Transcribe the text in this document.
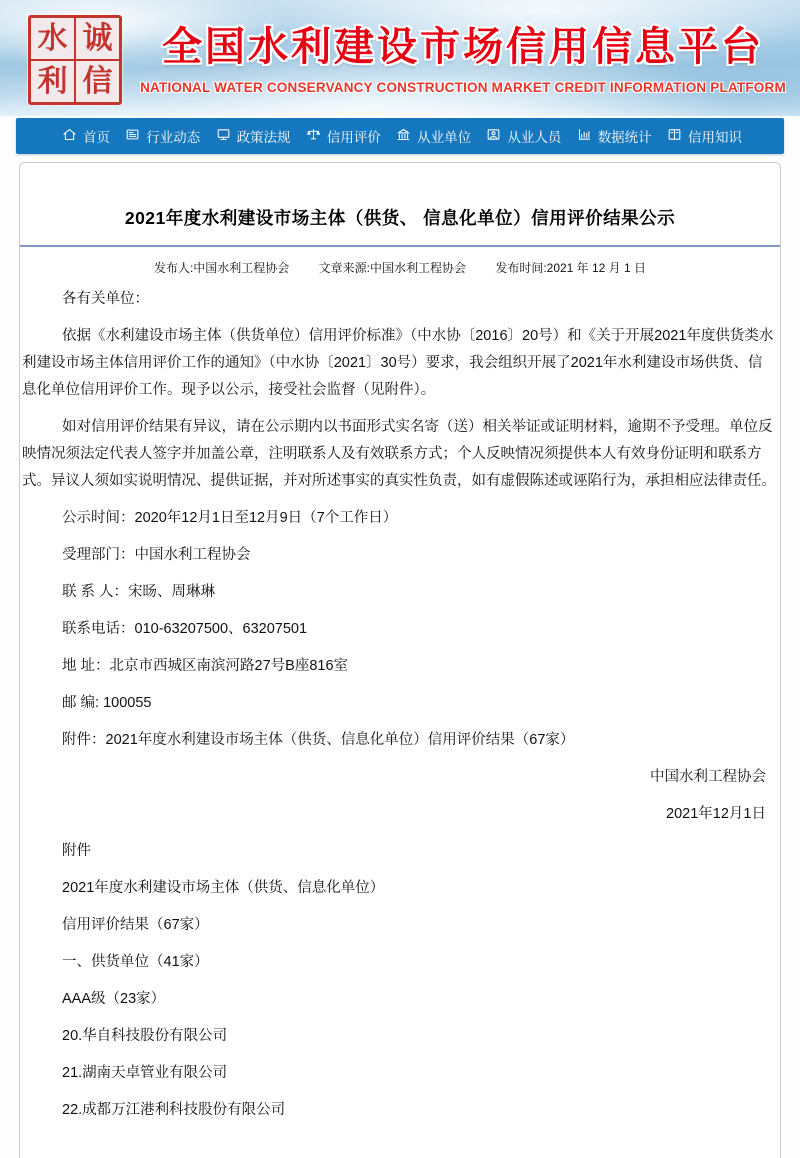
水 诚
利 信
全国水利建设市场信用信息平台
NATIONAL WATER CONSERVANCY CONSTRUCTION MARKET CREDIT INFORMATION PLATFORM
首页	行业动态	政策法规	信用评价	从业单位	从业人员	数据统计	信用知识
2021年度水利建设市场主体（供货、 信息化单位）信用评价结果公示
发布人:中国水利工程协会 文章来源:中国水利工程协会 发布时间:2021 年 12 月 1 日

各有关单位：

依据《水利建设市场主体（供货单位）信用评价标准》（中水协〔2016〕20号）和《关于开展2021年度供货类水利建设市场主体信用评价工作的通知》（中水协〔2021〕30号）要求，我会组织开展了2021年水利建设市场供货、信息化单位信用评价工作。现予以公示，接受社会监督（见附件）。

如对信用评价结果有异议，请在公示期内以书面形式实名寄（送）相关举证或证明材料，逾期不予受理。单位反映情况须法定代表人签字并加盖公章，注明联系人及有效联系方式；个人反映情况须提供本人有效身份证明和联系方式。异议人须如实说明情况、提供证据，并对所述事实的真实性负责，如有虚假陈述或诬陷行为，承担相应法律责任。

公示时间：2020年12月1日至12月9日（7个工作日）

受理部门：中国水利工程协会

联 系 人：宋旸、周琳琳

联系电话：010-63207500、63207501

地 址：北京市西城区南滨河路27号B座816室

邮 编: 100055

附件：2021年度水利建设市场主体（供货、信息化单位）信用评价结果（67家）

中国水利工程协会

2021年12月1日

附件

2021年度水利建设市场主体（供货、信息化单位）

信用评价结果（67家）

一、供货单位（41家）

AAA级（23家）

20.华自科技股份有限公司

21.湖南天卓管业有限公司

22.成都万江港利科技股份有限公司
